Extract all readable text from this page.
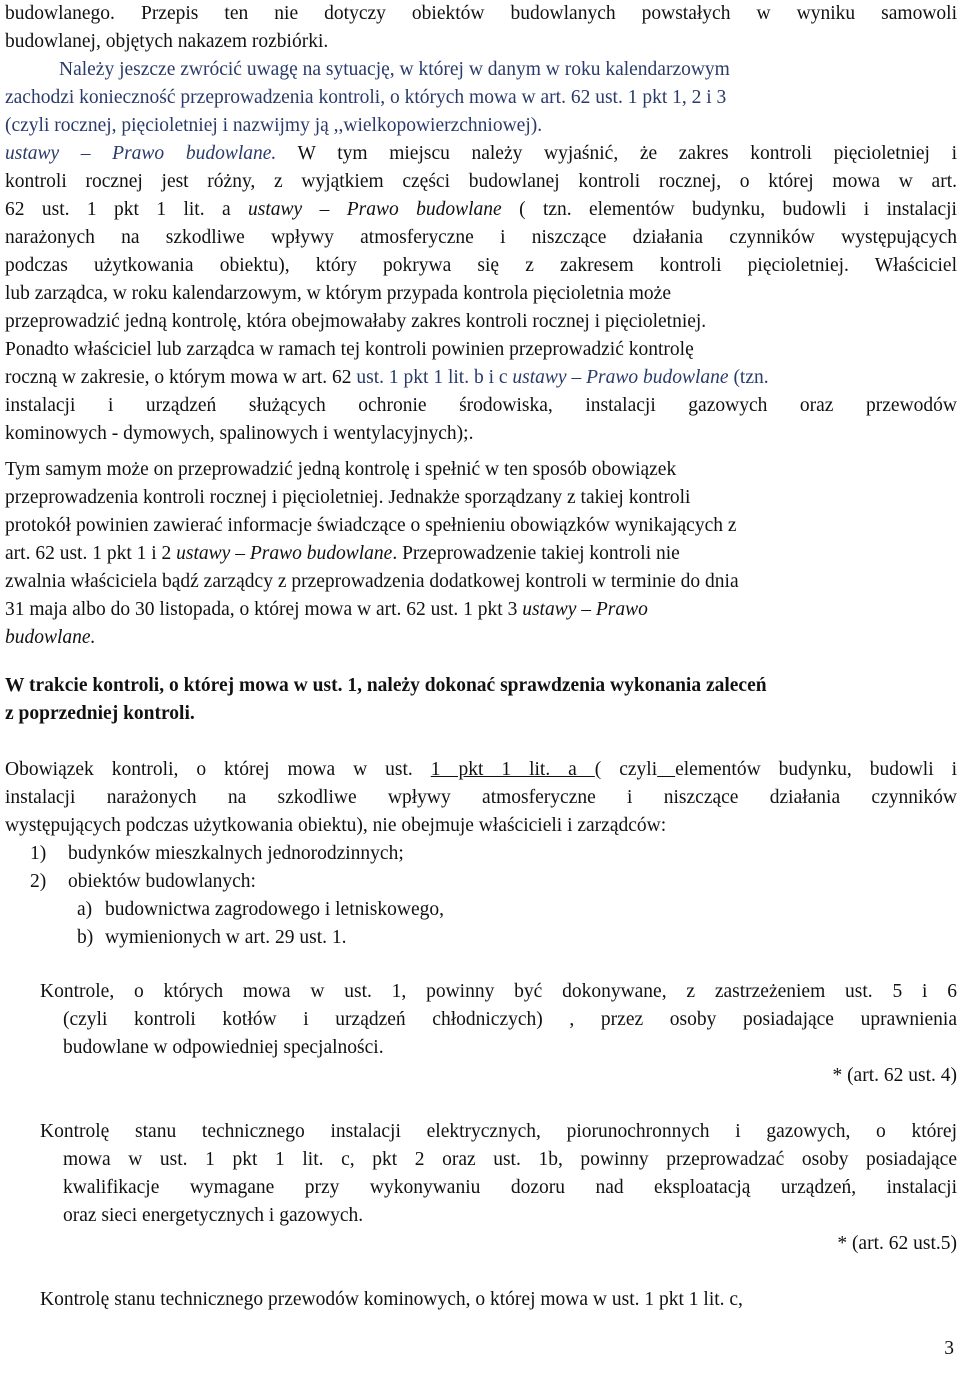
budowlanego. Przepis ten nie dotyczy obiektów budowlanych powstałych w wyniku samowoli
budowlanej, objętych nakazem rozbiórki.
Należy jeszcze zwrócić uwagę na sytuację, w której w danym w roku kalendarzowym
zachodzi konieczność przeprowadzenia kontroli, o których mowa w art. 62 ust. 1 pkt 1, 2 i 3
(czyli rocznej, pięcioletniej i nazwijmy ją ,,wielkopowierzchniowej).
ustawy – Prawo budowlane. W tym miejscu należy wyjaśnić, że zakres kontroli pięcioletniej i
kontroli rocznej jest różny, z wyjątkiem części budowlanej kontroli rocznej, o której mowa w art.
62 ust. 1 pkt 1 lit. a ustawy – Prawo budowlane ( tzn. elementów budynku, budowli i instalacji
narażonych na szkodliwe wpływy atmosferyczne i niszczące działania czynników występujących
podczas użytkowania obiektu), który pokrywa się z zakresem kontroli pięcioletniej. Właściciel
lub zarządca, w roku kalendarzowym, w którym przypada kontrola pięcioletnia może
przeprowadzić jedną kontrolę, która obejmowałaby zakres kontroli rocznej i pięcioletniej.
Ponadto właściciel lub zarządca w ramach tej kontroli powinien przeprowadzić kontrolę
roczną w zakresie, o którym mowa w art. 62 ust. 1 pkt 1 lit. b i c ustawy – Prawo budowlane (tzn.
instalacji i urządzeń służących ochronie środowiska, instalacji gazowych oraz przewodów
kominowych - dymowych, spalinowych i wentylacyjnych);.
Tym samym może on przeprowadzić jedną kontrolę i spełnić w ten sposób obowiązek
przeprowadzenia kontroli rocznej i pięcioletniej. Jednakże sporządzany z takiej kontroli
protokół powinien zawierać informacje świadczące o spełnieniu obowiązków wynikających z
art. 62 ust. 1 pkt 1 i 2 ustawy – Prawo budowlane. Przeprowadzenie takiej kontroli nie
zwalnia właściciela bądź zarządcy z przeprowadzenia dodatkowej kontroli w terminie do dnia
31 maja albo do 30 listopada, o której mowa w art. 62 ust. 1 pkt 3 ustawy – Prawo
budowlane.
W trakcie kontroli, o której mowa w ust. 1, należy dokonać sprawdzenia wykonania zaleceń
z poprzedniej kontroli.
Obowiązek kontroli, o której mowa w ust. 1 pkt 1 lit. a ( czyli elementów budynku, budowli i
instalacji narażonych na szkodliwe wpływy atmosferyczne i niszczące działania czynników
występujących podczas użytkowania obiektu), nie obejmuje właścicieli i zarządców:
1) budynków mieszkalnych jednorodzinnych;
2) obiektów budowlanych:
a) budownictwa zagrodowego i letniskowego,
b) wymienionych w art. 29 ust. 1.
Kontrole, o których mowa w ust. 1, powinny być dokonywane, z zastrzeżeniem ust. 5 i 6
(czyli kontroli kotłów i urządzeń chłodniczych) , przez osoby posiadające uprawnienia
budowlane w odpowiedniej specjalności.
* (art. 62 ust. 4)
Kontrolę stanu technicznego instalacji elektrycznych, piorunochronnych i gazowych, o której
mowa w ust. 1 pkt 1 lit. c, pkt 2 oraz ust. 1b, powinny przeprowadzać osoby posiadające
kwalifikacje wymagane przy wykonywaniu dozoru nad eksploatacją urządzeń, instalacji
oraz sieci energetycznych i gazowych.
* (art. 62 ust.5)
Kontrolę stanu technicznego przewodów kominowych, o której mowa w ust. 1 pkt 1 lit. c,
3
